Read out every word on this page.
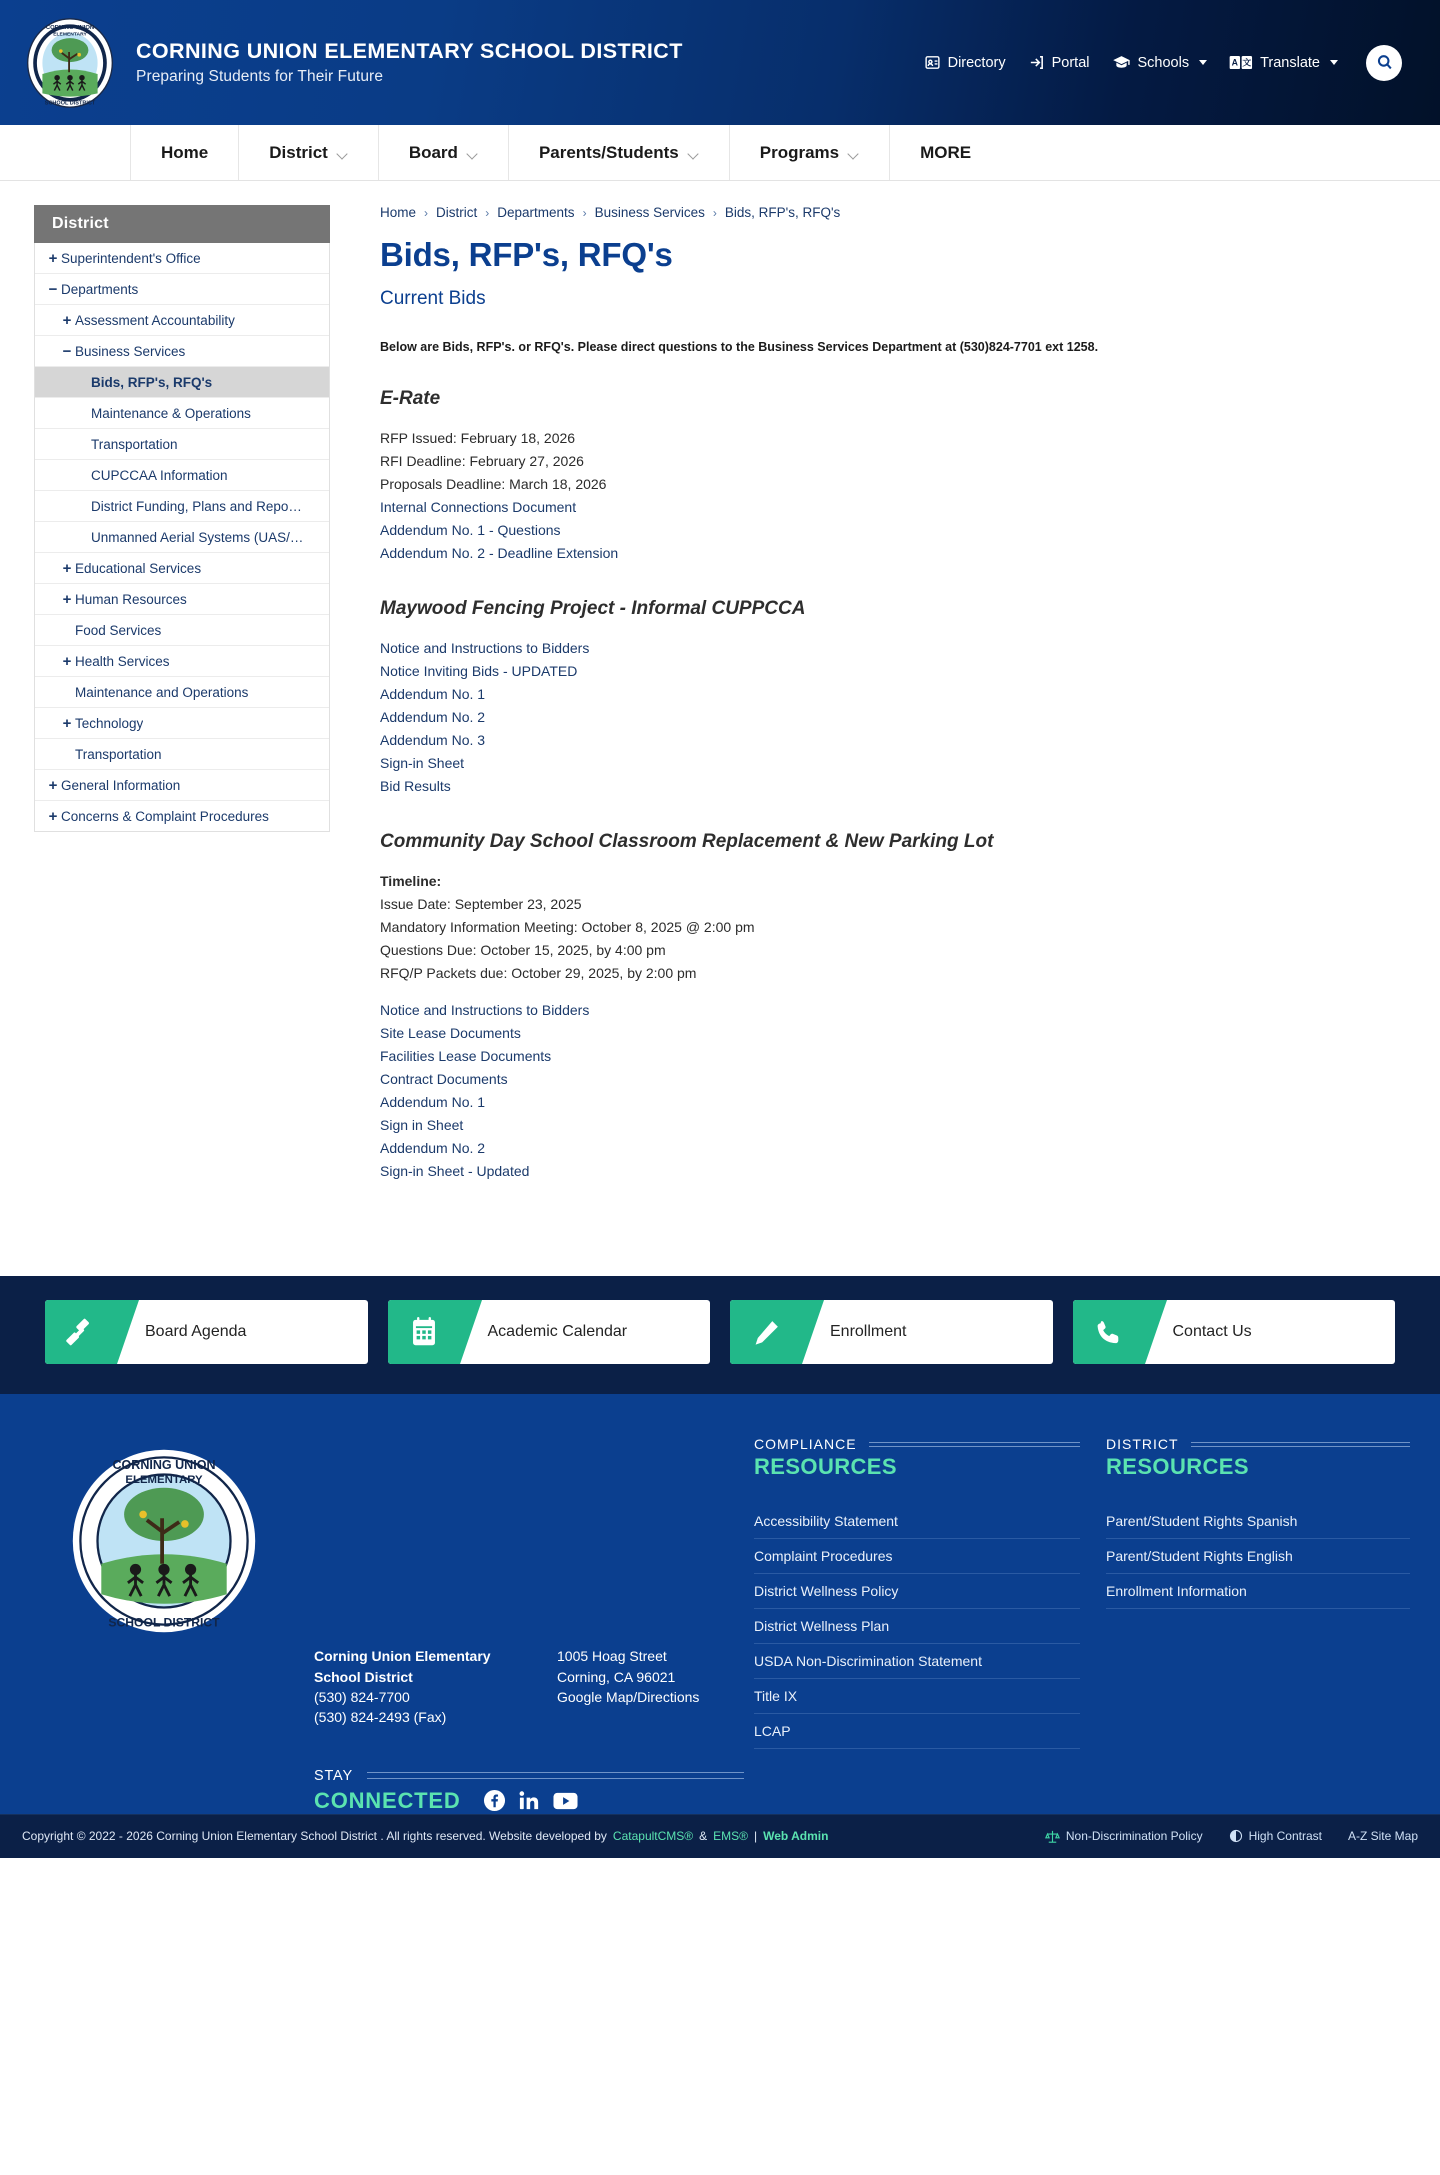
CORNING UNION
ELEMENTARY
SCHOOL DISTRICT
CORNING UNION ELEMENTARY SCHOOL DISTRICT
Preparing Students for Their Future
Directory	Portal	Schools	A 文 Translate
Home	District	Board	Parents/Students	Programs	MORE
District
+ Superintendent's Office
− Departments
+ Assessment Accountability
− Business Services
Bids, RFP's, RFQ's
Maintenance & Operations
Transportation
CUPCCAA Information
District Funding, Plans and Repo…
Unmanned Aerial Systems (UAS/…
+ Educational Services
+ Human Resources
Food Services
+ Health Services
Maintenance and Operations
+ Technology
Transportation
+ General Information
+ Concerns & Complaint Procedures
Home › District › Departments › Business Services › Bids, RFP's, RFQ's
Bids, RFP's, RFQ's
Current Bids

Below are Bids, RFP's. or RFQ's. Please direct questions to the Business Services Department at (530)824-7701 ext 1258.

E-Rate
RFP Issued: February 18, 2026
RFI Deadline: February 27, 2026
Proposals Deadline: March 18, 2026
Internal Connections Document
Addendum No. 1 - Questions
Addendum No. 2 - Deadline Extension
Maywood Fencing Project - Informal CUPPCCA
Notice and Instructions to Bidders
Notice Inviting Bids - UPDATED
Addendum No. 1
Addendum No. 2
Addendum No. 3
Sign-in Sheet
Bid Results
Community Day School Classroom Replacement & New Parking Lot
Timeline:
Issue Date: September 23, 2025
Mandatory Information Meeting: October 8, 2025 @ 2:00 pm
Questions Due: October 15, 2025, by 4:00 pm
RFQ/P Packets due: October 29, 2025, by 2:00 pm
Notice and Instructions to Bidders
Site Lease Documents
Facilities Lease Documents
Contract Documents
Addendum No. 1
Sign in Sheet
Addendum No. 2
Sign-in Sheet - Updated
Board Agenda	Academic Calendar	Enrollment	Contact Us
CORNING UNION
ELEMENTARY
SCHOOL DISTRICT
Corning Union Elementary School District
(530) 824-7700
(530) 824-2493 (Fax)
1005 Hoag Street
Corning, CA 96021
Google Map/Directions
STAY
CONNECTED
COMPLIANCE
RESOURCES
Accessibility Statement
Complaint Procedures
District Wellness Policy
District Wellness Plan
USDA Non-Discrimination Statement
Title IX
LCAP
DISTRICT
RESOURCES
Parent/Student Rights Spanish
Parent/Student Rights English
Enrollment Information
Copyright © 2022 - 2026 Corning Union Elementary School District . All rights reserved. Website developed by CatapultCMS® & EMS® | Web Admin	Non-Discrimination Policy	High Contrast A-Z Site Map
